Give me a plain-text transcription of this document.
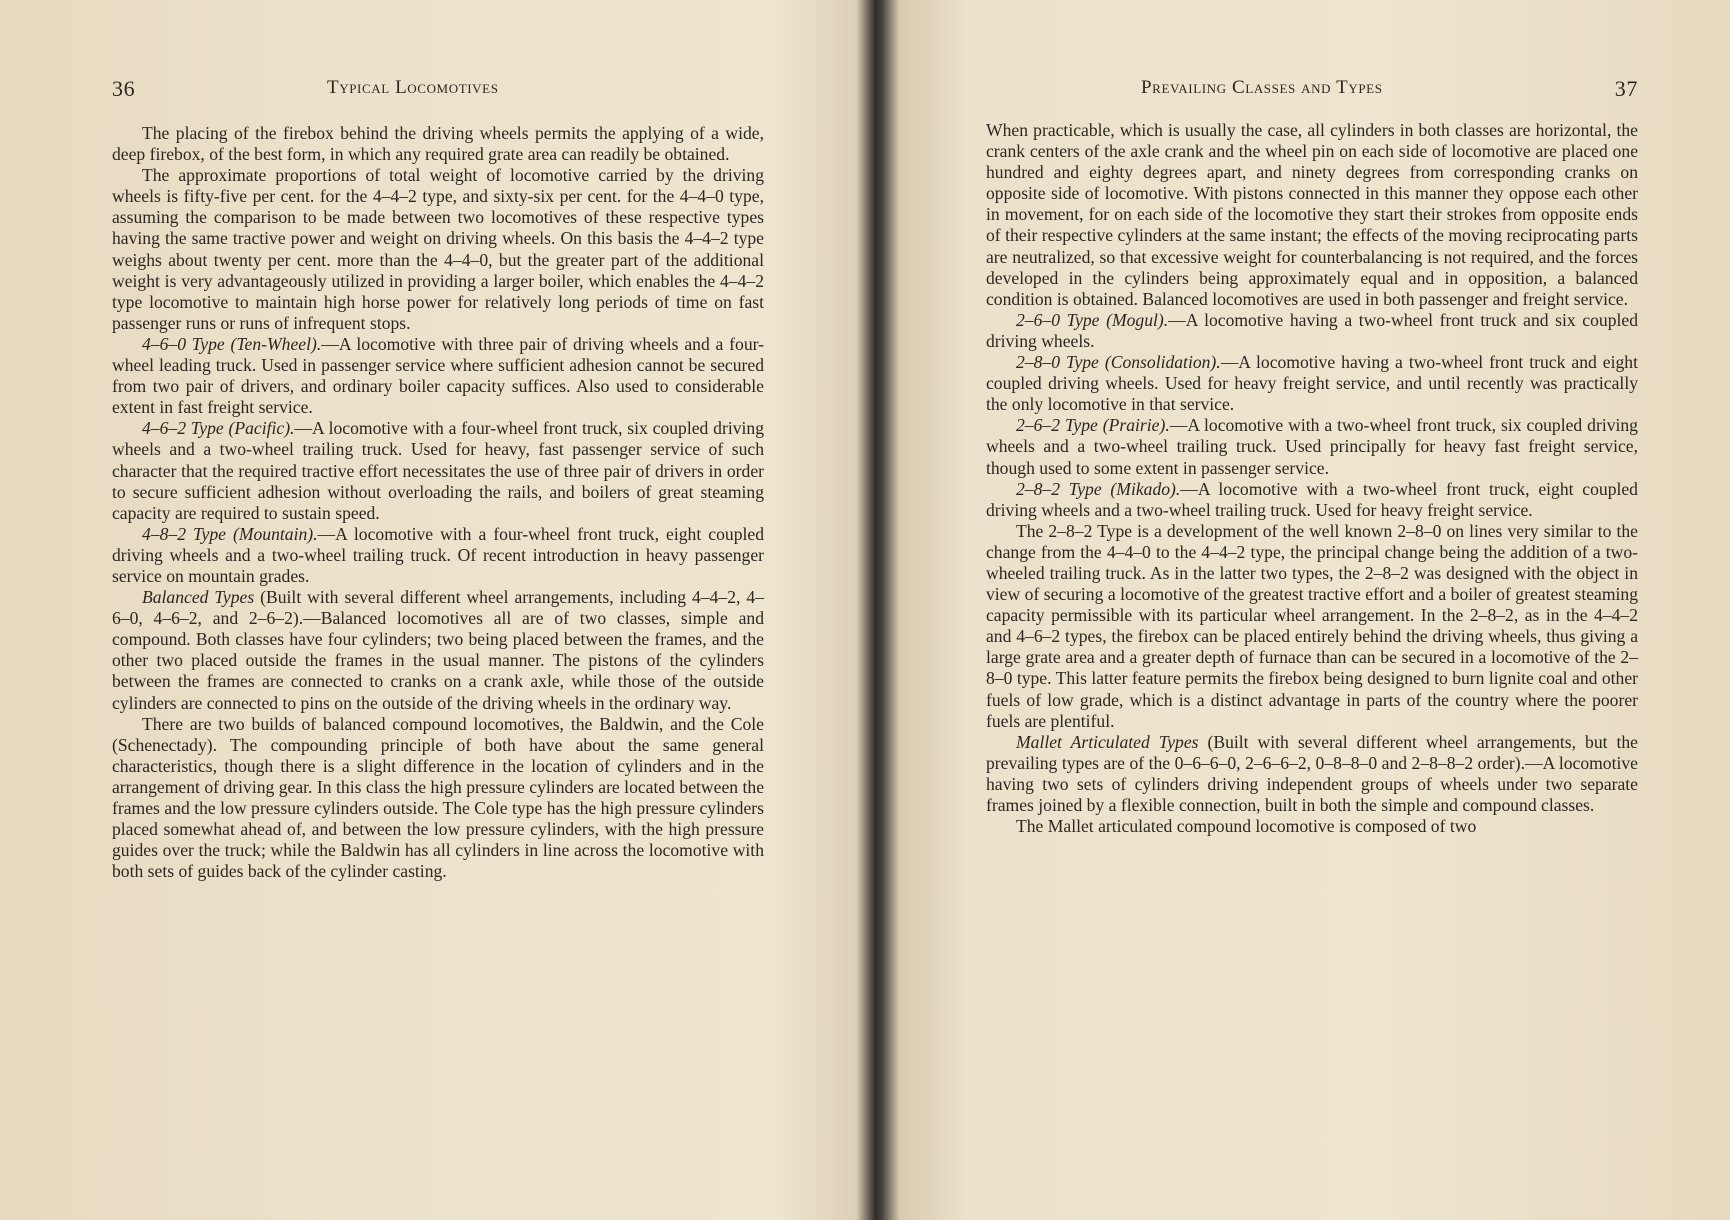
36	Typical Locomotives

The placing of the firebox behind the driving wheels permits the applying of a wide, deep firebox, of the best form, in which any required grate area can readily be obtained.

The approximate proportions of total weight of locomotive carried by the driving wheels is fifty-five per cent. for the 4–4–2 type, and sixty-six per cent. for the 4–4–0 type, assuming the comparison to be made between two locomotives of these respective types having the same tractive power and weight on driving wheels. On this basis the 4–4–2 type weighs about twenty per cent. more than the 4–4–0, but the greater part of the additional weight is very advantageously utilized in providing a larger boiler, which enables the 4–4–2 type locomotive to maintain high horse power for relatively long periods of time on fast passenger runs or runs of infrequent stops.

4–6–0 Type (Ten-Wheel).—A locomotive with three pair of driving wheels and a four-wheel leading truck. Used in passenger service where sufficient adhesion cannot be secured from two pair of drivers, and ordinary boiler capacity suffices. Also used to considerable extent in fast freight service.

4–6–2 Type (Pacific).—A locomotive with a four-wheel front truck, six coupled driving wheels and a two-wheel trailing truck. Used for heavy, fast passenger service of such character that the required tractive effort necessitates the use of three pair of drivers in order to secure sufficient adhesion without overloading the rails, and boilers of great steaming capacity are required to sustain speed.

4–8–2 Type (Mountain).—A locomotive with a four-wheel front truck, eight coupled driving wheels and a two-wheel trailing truck. Of recent introduction in heavy passenger service on mountain grades.

Balanced Types (Built with several different wheel arrangements, including 4–4–2, 4–6–0, 4–6–2, and 2–6–2).—Balanced locomotives all are of two classes, simple and compound. Both classes have four cylinders; two being placed between the frames, and the other two placed outside the frames in the usual manner. The pistons of the cylinders between the frames are connected to cranks on a crank axle, while those of the outside cylinders are connected to pins on the outside of the driving wheels in the ordinary way.

There are two builds of balanced compound locomotives, the Baldwin, and the Cole (Schenectady). The compounding principle of both have about the same general characteristics, though there is a slight difference in the location of cylinders and in the arrangement of driving gear. In this class the high pressure cylinders are located between the frames and the low pressure cylinders outside. The Cole type has the high pressure cylinders placed somewhat ahead of, and between the low pressure cylinders, with the high pressure guides over the truck; while the Baldwin has all cylinders in line across the locomotive with both sets of guides back of the cylinder casting.

Prevailing Classes and Types	37

When practicable, which is usually the case, all cylinders in both classes are horizontal, the crank centers of the axle crank and the wheel pin on each side of locomotive are placed one hundred and eighty degrees apart, and ninety degrees from corresponding cranks on opposite side of locomotive. With pistons connected in this manner they oppose each other in movement, for on each side of the locomotive they start their strokes from opposite ends of their respective cylinders at the same instant; the effects of the moving reciprocating parts are neutralized, so that excessive weight for counterbalancing is not required, and the forces developed in the cylinders being approximately equal and in opposition, a balanced condition is obtained. Balanced locomotives are used in both passenger and freight service.

2–6–0 Type (Mogul).—A locomotive having a two-wheel front truck and six coupled driving wheels.

2–8–0 Type (Consolidation).—A locomotive having a two-wheel front truck and eight coupled driving wheels. Used for heavy freight service, and until recently was practically the only locomotive in that service.

2–6–2 Type (Prairie).—A locomotive with a two-wheel front truck, six coupled driving wheels and a two-wheel trailing truck. Used principally for heavy fast freight service, though used to some extent in passenger service.

2–8–2 Type (Mikado).—A locomotive with a two-wheel front truck, eight coupled driving wheels and a two-wheel trailing truck. Used for heavy freight service.

The 2–8–2 Type is a development of the well known 2–8–0 on lines very similar to the change from the 4–4–0 to the 4–4–2 type, the principal change being the addition of a two-wheeled trailing truck. As in the latter two types, the 2–8–2 was designed with the object in view of securing a locomotive of the greatest tractive effort and a boiler of greatest steaming capacity permissible with its particular wheel arrangement. In the 2–8–2, as in the 4–4–2 and 4–6–2 types, the firebox can be placed entirely behind the driving wheels, thus giving a large grate area and a greater depth of furnace than can be secured in a locomotive of the 2–8–0 type. This latter feature permits the firebox being designed to burn lignite coal and other fuels of low grade, which is a distinct advantage in parts of the country where the poorer fuels are plentiful.

Mallet Articulated Types (Built with several different wheel arrangements, but the prevailing types are of the 0–6–6–0, 2–6–6–2, 0–8–8–0 and 2–8–8–2 order).—A locomotive having two sets of cylinders driving independent groups of wheels under two separate frames joined by a flexible connection, built in both the simple and compound classes.

The Mallet articulated compound locomotive is composed of two
